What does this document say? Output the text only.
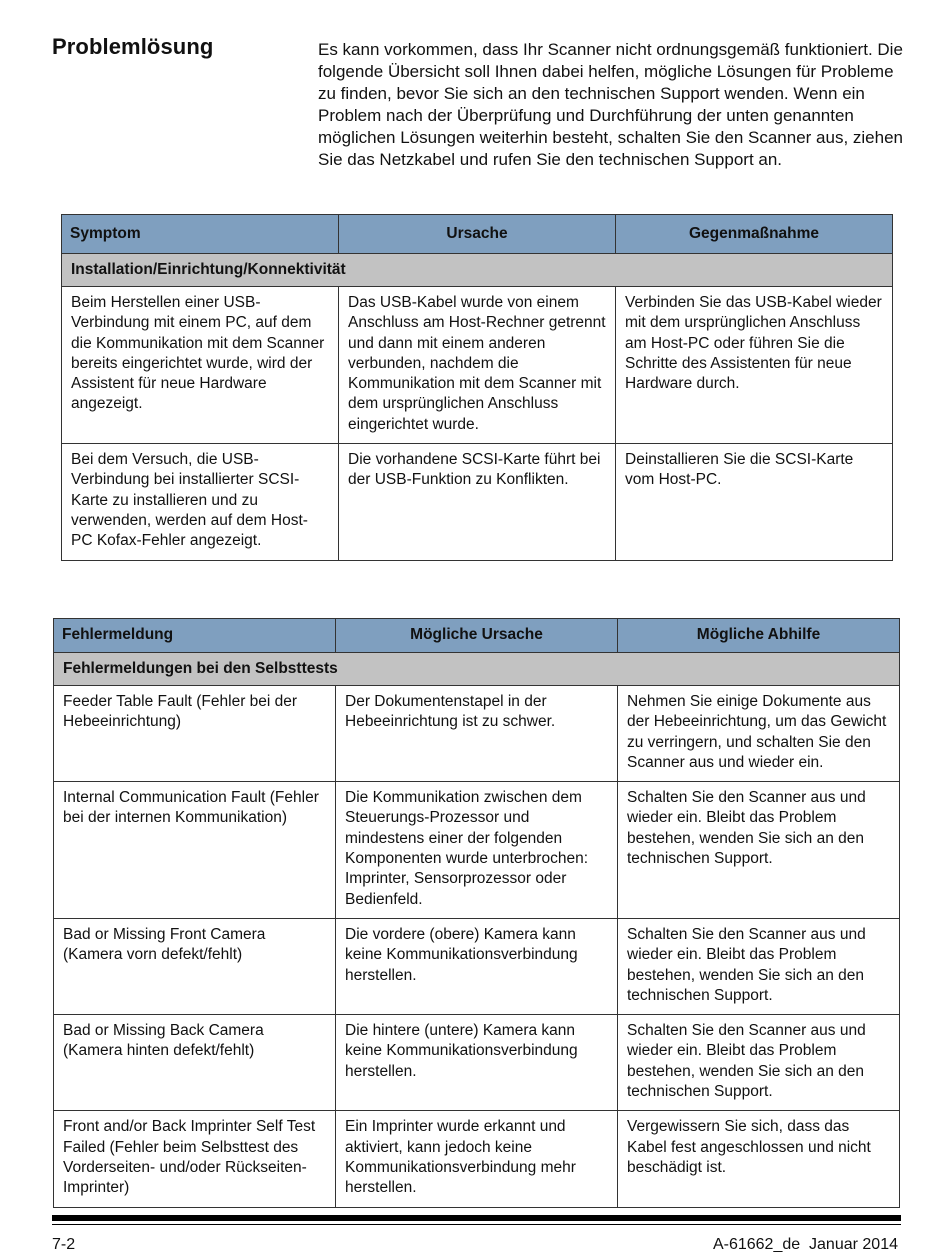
Problemlösung	Es kann vorkommen, dass Ihr Scanner nicht ordnungsgemäß funktioniert. Die folgende Übersicht soll Ihnen dabei helfen, mögliche Lösungen für Probleme zu finden, bevor Sie sich an den technischen Support wenden. Wenn ein Problem nach der Überprüfung und Durchführung der unten genannten möglichen Lösungen weiterhin besteht, schalten Sie den Scanner aus, ziehen Sie das Netzkabel und rufen Sie den technischen Support an.
Symptom	Ursache	Gegenmaßnahme
Installation/Einrichtung/Konnektivität		
Beim Herstellen einer USB-Verbindung mit einem PC, auf dem die Kommunikation mit dem Scanner bereits eingerichtet wurde, wird der Assistent für neue Hardware angezeigt.	Das USB-Kabel wurde von einem Anschluss am Host-Rechner getrennt und dann mit einem anderen verbunden, nachdem die Kommunikation mit dem Scanner mit dem ursprünglichen Anschluss eingerichtet wurde.	Verbinden Sie das USB-Kabel wieder mit dem ursprünglichen Anschluss am Host-PC oder führen Sie die Schritte des Assistenten für neue Hardware durch.
Bei dem Versuch, die USB-Verbindung bei installierter SCSI-Karte zu installieren und zu verwenden, werden auf dem Host-PC Kofax-Fehler angezeigt.	Die vorhandene SCSI-Karte führt bei der USB-Funktion zu Konflikten.	Deinstallieren Sie die SCSI-Karte vom Host-PC.
Fehlermeldung	Mögliche Ursache	Mögliche Abhilfe
Fehlermeldungen bei den Selbsttests		
Feeder Table Fault (Fehler bei der Hebeeinrichtung)	Der Dokumentenstapel in der Hebeeinrichtung ist zu schwer.	Nehmen Sie einige Dokumente aus der Hebeeinrichtung, um das Gewicht zu verringern, und schalten Sie den Scanner aus und wieder ein.
Internal Communication Fault (Fehler bei der internen Kommunikation)	Die Kommunikation zwischen dem Steuerungs-Prozessor und mindestens einer der folgenden Komponenten wurde unterbrochen: Imprinter, Sensorprozessor oder Bedienfeld.	Schalten Sie den Scanner aus und wieder ein. Bleibt das Problem bestehen, wenden Sie sich an den technischen Support.
Bad or Missing Front Camera (Kamera vorn defekt/fehlt)	Die vordere (obere) Kamera kann keine Kommunikationsverbindung herstellen.	Schalten Sie den Scanner aus und wieder ein. Bleibt das Problem bestehen, wenden Sie sich an den technischen Support.
Bad or Missing Back Camera (Kamera hinten defekt/fehlt)	Die hintere (untere) Kamera kann keine Kommunikationsverbindung herstellen.	Schalten Sie den Scanner aus und wieder ein. Bleibt das Problem bestehen, wenden Sie sich an den technischen Support.
Front and/or Back Imprinter Self Test Failed (Fehler beim Selbsttest des Vorderseiten- und/oder Rückseiten-Imprinter)	Ein Imprinter wurde erkannt und aktiviert, kann jedoch keine Kommunikationsverbindung mehr herstellen.	Vergewissern Sie sich, dass das Kabel fest angeschlossen und nicht beschädigt ist.
7-2	A-61662_de  Januar 2014
